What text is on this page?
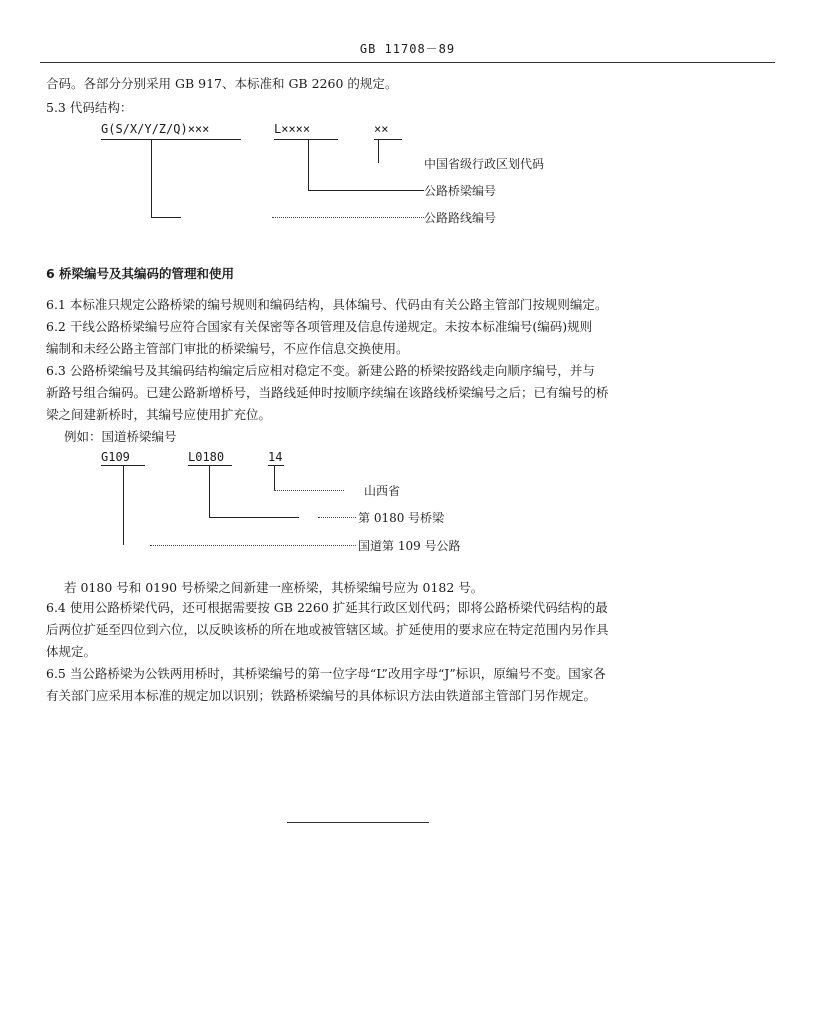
GB 11708－89
合码。各部分分别采用 GB 917、本标准和 GB 2260 的规定。
5.3 代码结构：
G(S/X/Y/Z/Q)×××	L××××	××
中国省级行政区划代码
公路桥梁编号
公路路线编号
6 桥梁编号及其编码的管理和使用
6.1 本标准只规定公路桥梁的编号规则和编码结构，具体编号、代码由有关公路主管部门按规则编定。
6.2 干线公路桥梁编号应符合国家有关保密等各项管理及信息传递规定。未按本标准编号(编码)规则
编制和未经公路主管部门审批的桥梁编号，不应作信息交换使用。
6.3 公路桥梁编号及其编码结构编定后应相对稳定不变。新建公路的桥梁按路线走向顺序编号，并与
新路号组合编码。已建公路新增桥号，当路线延伸时按顺序续编在该路线桥梁编号之后；已有编号的桥
梁之间建新桥时，其编号应使用扩充位。
例如：国道桥梁编号
G109	L0180	14
山西省
第 0180 号桥梁
国道第 109 号公路
若 0180 号和 0190 号桥梁之间新建一座桥梁，其桥梁编号应为 0182 号。
6.4 使用公路桥梁代码，还可根据需要按 GB 2260 扩延其行政区划代码；即将公路桥梁代码结构的最
后两位扩延至四位到六位，以反映该桥的所在地或被管辖区域。扩延使用的要求应在特定范围内另作具
体规定。
6.5 当公路桥梁为公铁两用桥时，其桥梁编号的第一位字母“L”改用字母“J”标识，原编号不变。国家各
有关部门应采用本标准的规定加以识别；铁路桥梁编号的具体标识方法由铁道部主管部门另作规定。
